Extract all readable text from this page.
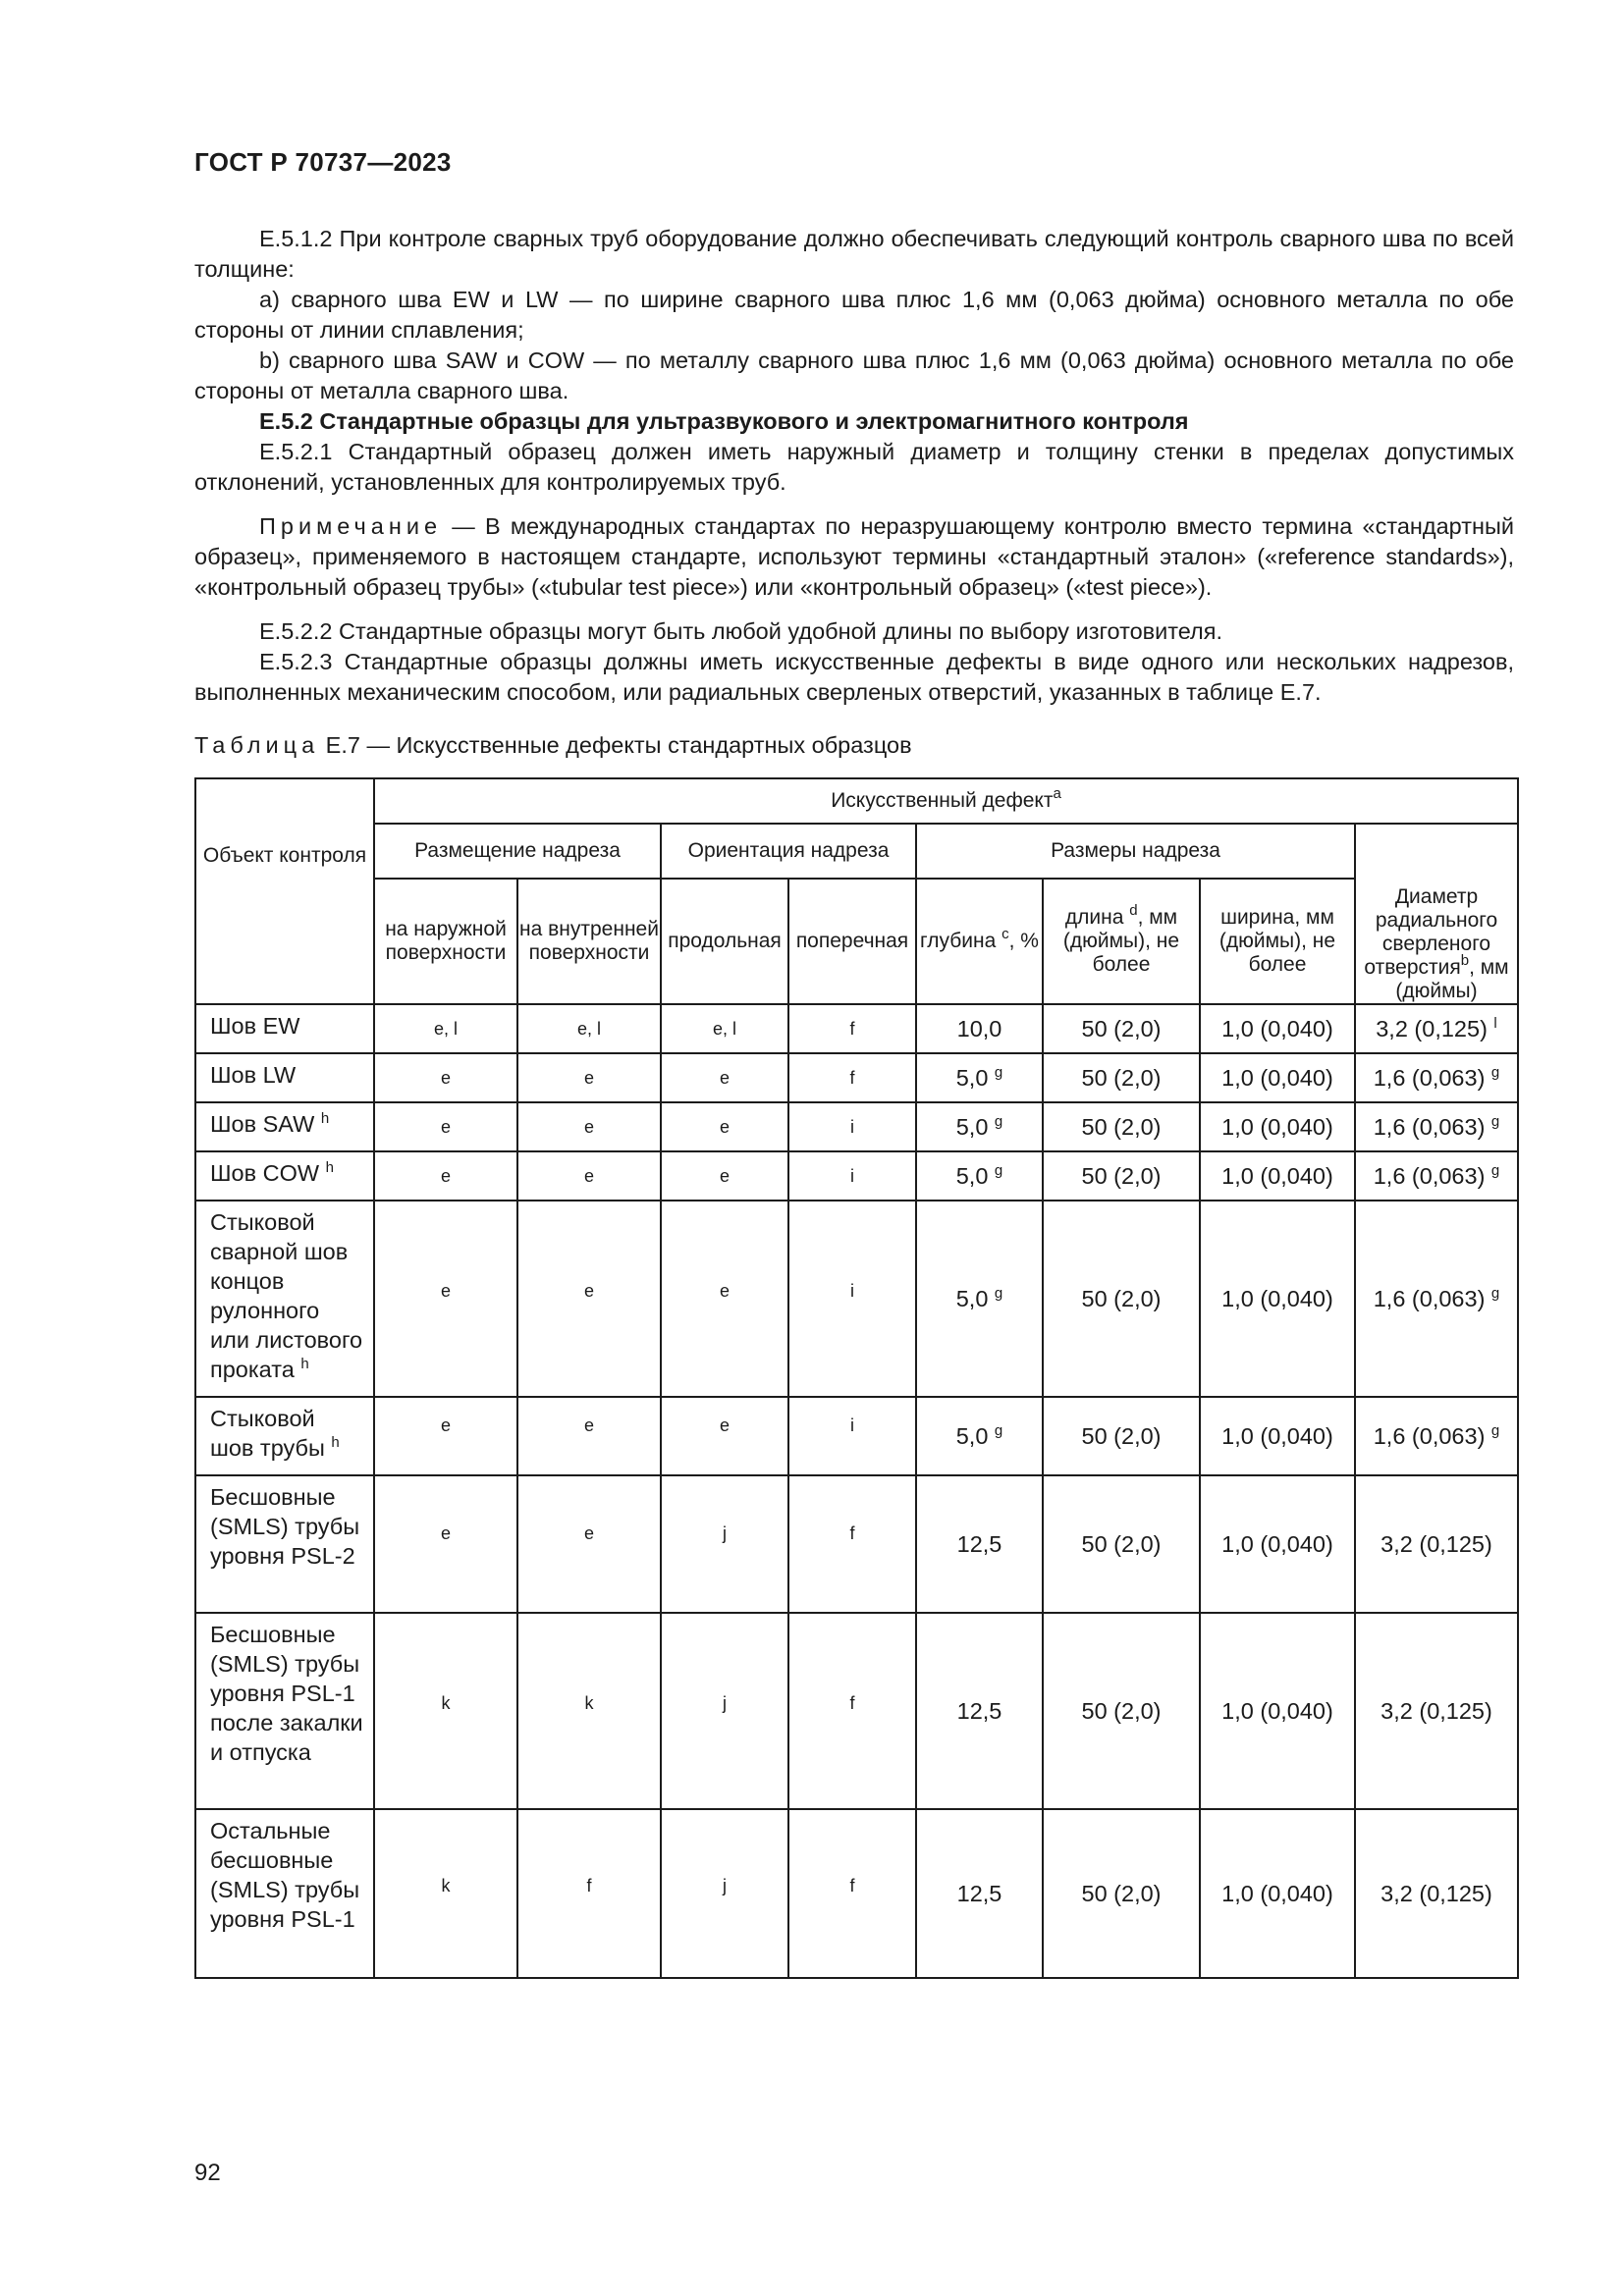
ГОСТ Р 70737—2023

Е.5.1.2 При контроле сварных труб оборудование должно обеспечивать следующий контроль сварного шва по всей толщине:

а) сварного шва EW и LW — по ширине сварного шва плюс 1,6 мм (0,063 дюйма) основного металла по обе стороны от линии сплавления;

b) сварного шва SAW и COW — по металлу сварного шва плюс 1,6 мм (0,063 дюйма) основного металла по обе стороны от металла сварного шва.

Е.5.2 Стандартные образцы для ультразвукового и электромагнитного контроля

Е.5.2.1 Стандартный образец должен иметь наружный диаметр и толщину стенки в пределах допустимых отклонений, установленных для контролируемых труб.

Примечание — В международных стандартах по неразрушающему контролю вместо термина «стандартный образец», применяемого в настоящем стандарте, используют термины «стандартный эталон» («reference standards»), «контрольный образец трубы» («tubular test piece») или «контрольный образец» («test piece»).

Е.5.2.2 Стандартные образцы могут быть любой удобной длины по выбору изготовителя.

Е.5.2.3 Стандартные образцы должны иметь искусственные дефекты в виде одного или нескольких надрезов, выполненных механическим способом, или радиальных сверленых отверстий, указанных в таблице Е.7.

Таблица Е.7 — Искусственные дефекты стандартных образцов
Объект контроля	Искусственный дефект$^a$
	Размещение надреза		Ориентация надреза		Размеры надреза			Диаметр радиального сверленого отверстия$^b$, мм (дюймы)
	на наружной поверхности	на внутренней поверхности	продольная	поперечная	глубина $^c$, %	длина $^d$, мм (дюймы), не более	ширина, мм (дюймы), не более	
Шов EW	e, l	e, l	e, l	f	10,0	50 (2,0)	1,0 (0,040)	3,2 (0,125) $^l$
Шов LW	e	e	e	f	5,0 $^g$	50 (2,0)	1,0 (0,040)	1,6 (0,063) $^g$
Шов SAW $^h$	e	e	e	i	5,0 $^g$	50 (2,0)	1,0 (0,040)	1,6 (0,063) $^g$
Шов COW $^h$	e	e	e	i	5,0 $^g$	50 (2,0)	1,0 (0,040)	1,6 (0,063) $^g$
Стыковой сварной шов концов рулонного или листового проката $^h$	e	e	e	i	5,0 $^g$	50 (2,0)	1,0 (0,040)	1,6 (0,063) $^g$
Стыковой шов трубы $^h$	e	e	e	i	5,0 $^g$	50 (2,0)	1,0 (0,040)	1,6 (0,063) $^g$
Бесшовные (SMLS) трубы уровня PSL-2	e	e	j	f	12,5	50 (2,0)	1,0 (0,040)	3,2 (0,125)
Бесшовные (SMLS) трубы уровня PSL-1 после закалки и отпуска	k	k	j	f	12,5	50 (2,0)	1,0 (0,040)	3,2 (0,125)
Остальные бесшовные (SMLS) трубы уровня PSL-1	k	f	j	f	12,5	50 (2,0)	1,0 (0,040)	3,2 (0,125)
92
